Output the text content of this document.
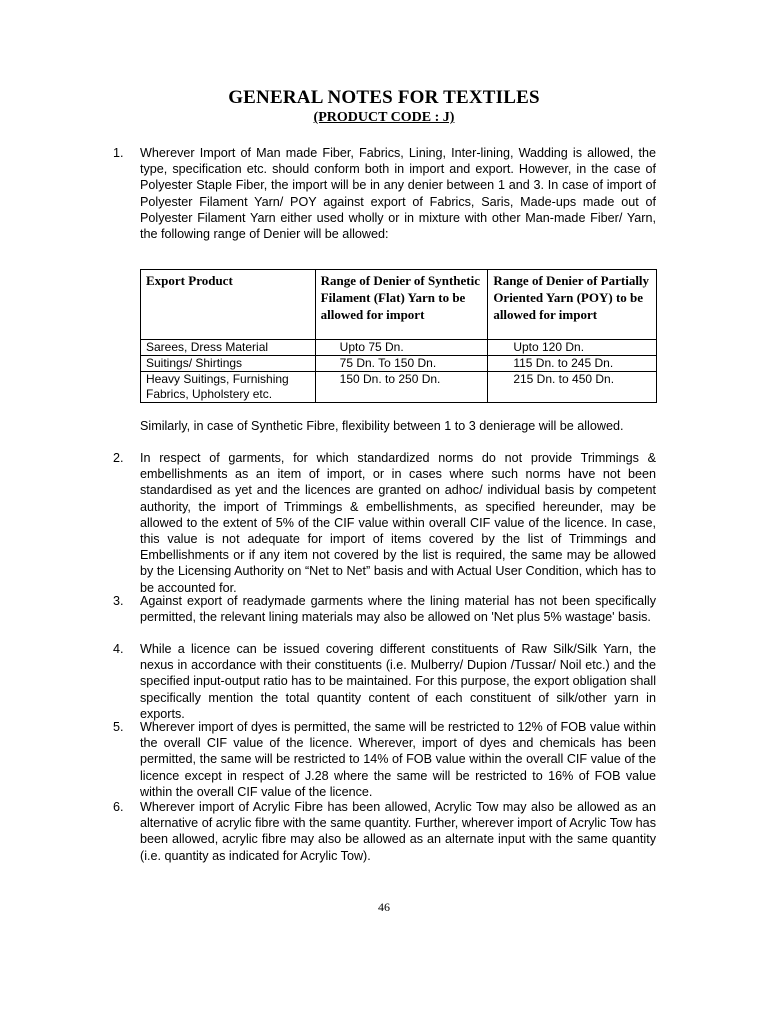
GENERAL NOTES FOR TEXTILES
(PRODUCT CODE : J)
1. Wherever Import of Man made Fiber, Fabrics, Lining, Inter-lining, Wadding is allowed, the type, specification etc. should conform both in import and export. However, in the case of Polyester Staple Fiber, the import will be in any denier between 1 and 3. In case of import of Polyester Filament Yarn/ POY against export of Fabrics, Saris, Made-ups made out of Polyester Filament Yarn either used wholly or in mixture with other Man-made Fiber/ Yarn, the following range of Denier will be allowed:
Export Product	Range of Denier of Synthetic Filament (Flat) Yarn to be allowed for import	Range of Denier of Partially Oriented Yarn (POY) to be allowed for import
Sarees, Dress Material	Upto 75 Dn.	Upto 120 Dn.
Suitings/ Shirtings	75 Dn. To 150 Dn.	115 Dn. to 245 Dn.
Heavy Suitings, Furnishing Fabrics, Upholstery etc.	150 Dn. to 250 Dn.	215 Dn. to 450 Dn.
Similarly, in case of Synthetic Fibre, flexibility between 1 to 3 denierage will be allowed.
2. In respect of garments, for which standardized norms do not provide Trimmings & embellishments as an item of import, or in cases where such norms have not been standardised as yet and the licences are granted on adhoc/ individual basis by competent authority, the import of Trimmings & embellishments, as specified hereunder, may be allowed to the extent of 5% of the CIF value within overall CIF value of the licence. In case, this value is not adequate for import of items covered by the list of Trimmings and Embellishments or if any item not covered by the list is required, the same may be allowed by the Licensing Authority on “Net to Net” basis and with Actual User Condition, which has to be accounted for.
3. Against export of readymade garments where the lining material has not been specifically permitted, the relevant lining materials may also be allowed on 'Net plus 5% wastage' basis.
4. While a licence can be issued covering different constituents of Raw Silk/Silk Yarn, the nexus in accordance with their constituents (i.e. Mulberry/ Dupion /Tussar/ Noil etc.) and the specified input-output ratio has to be maintained. For this purpose, the export obligation shall specifically mention the total quantity content of each constituent of silk/other yarn in exports.
5. Wherever import of dyes is permitted, the same will be restricted to 12% of FOB value within the overall CIF value of the licence. Wherever, import of dyes and chemicals has been permitted, the same will be restricted to 14% of FOB value within the overall CIF value of the licence except in respect of J.28 where the same will be restricted to 16% of FOB value within the overall CIF value of the licence.
6. Wherever import of Acrylic Fibre has been allowed, Acrylic Tow may also be allowed as an alternative of acrylic fibre with the same quantity. Further, wherever import of Acrylic Tow has been allowed, acrylic fibre may also be allowed as an alternate input with the same quantity (i.e. quantity as indicated for Acrylic Tow).
46
